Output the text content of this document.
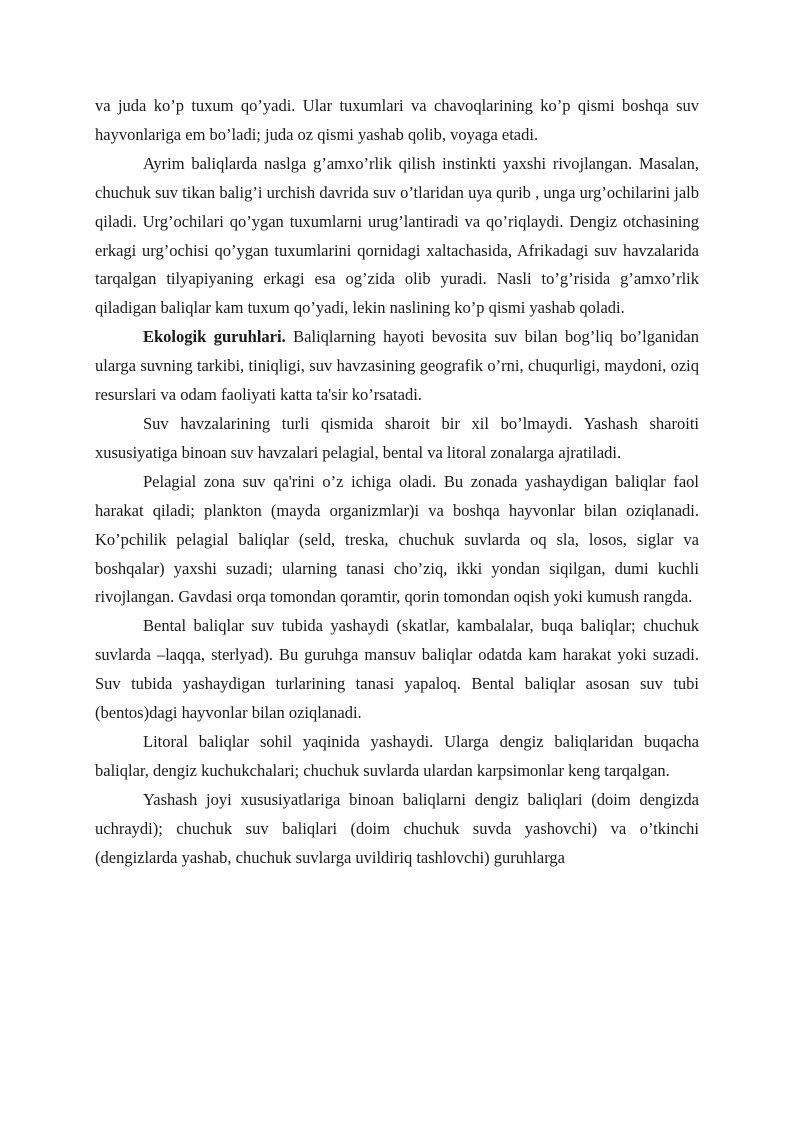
va juda ko’p tuxum qo’yadi. Ular tuxumlari va chavoqlarining ko’p qismi boshqa suv hayvonlariga em bo’ladi; juda oz qismi yashab qolib, voyaga etadi.

Ayrim baliqlarda naslga g’amxo’rlik qilish instinkti yaxshi rivojlangan. Masalan, chuchuk suv tikan balig’i urchish davrida suv o’tlaridan uya qurib , unga urg’ochilarini jalb qiladi. Urg’ochilari qo’ygan tuxumlarni urug’lantiradi va qo’riqlaydi. Dengiz otchasining erkagi urg’ochisi qo’ygan tuxumlarini qornidagi xaltachasida, Afrikadagi suv havzalarida tarqalgan tilyapiyaning erkagi esa og’zida olib yuradi. Nasli to’g’risida g’amxo’rlik qiladigan baliqlar kam tuxum qo’yadi, lekin naslining ko’p qismi yashab qoladi.

Ekologik guruhlari. Baliqlarning hayoti bevosita suv bilan bog’liq bo’lganidan ularga suvning tarkibi, tiniqligi, suv havzasining geografik o’rni, chuqurligi, maydoni, oziq resurslari va odam faoliyati katta ta'sir ko’rsatadi.

Suv havzalarining turli qismida sharoit bir xil bo’lmaydi. Yashash sharoiti xususiyatiga binoan suv havzalari pelagial, bental va litoral zonalarga ajratiladi.

Pelagial zona suv qa'rini o’z ichiga oladi. Bu zonada yashaydigan baliqlar faol harakat qiladi; plankton (mayda organizmlar)i va boshqa hayvonlar bilan oziqlanadi. Ko’pchilik pelagial baliqlar (seld, treska, chuchuk suvlarda oq sla, losos, siglar va boshqalar) yaxshi suzadi; ularning tanasi cho’ziq, ikki yondan siqilgan, dumi kuchli rivojlangan. Gavdasi orqa tomondan qoramtir, qorin tomondan oqish yoki kumush rangda.

Bental baliqlar suv tubida yashaydi (skatlar, kambalalar, buqa baliqlar; chuchuk suvlarda –laqqa, sterlyad). Bu guruhga mansuv baliqlar odatda kam harakat yoki suzadi. Suv tubida yashaydigan turlarining tanasi yapaloq. Bental baliqlar asosan suv tubi (bentos)dagi hayvonlar bilan oziqlanadi.

Litoral baliqlar sohil yaqinida yashaydi. Ularga dengiz baliqlaridan buqacha baliqlar, dengiz kuchukchalari; chuchuk suvlarda ulardan karpsimonlar keng tarqalgan.

Yashash joyi xususiyatlariga binoan baliqlarni dengiz baliqlari (doim dengizda uchraydi); chuchuk suv baliqlari (doim chuchuk suvda yashovchi) va o’tkinchi (dengizlarda yashab, chuchuk suvlarga uvildiriq tashlovchi) guruhlarga
